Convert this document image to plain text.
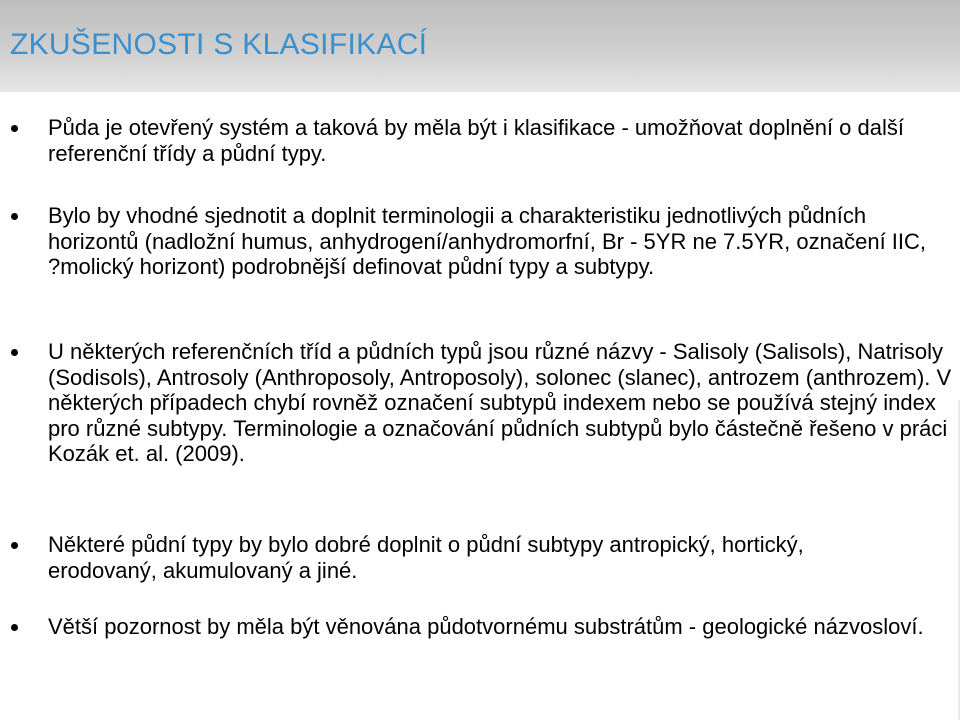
ZKUŠENOSTI S KLASIFIKACÍ

Půda je otevřený systém a taková by měla být i klasifikace - umožňovat doplnění o další referenční třídy a půdní typy.

Bylo by vhodné sjednotit a doplnit terminologii a charakteristiku jednotlivých půdních horizontů (nadložní humus, anhydrogení/anhydromorfní, Br - 5YR ne 7.5YR, označení IIC, ?molický horizont) podrobnější definovat půdní typy a subtypy.

U některých referenčních tříd a půdních typů jsou různé názvy - Salisoly (Salisols), Natrisoly (Sodisols), Antrosoly (Anthroposoly, Antroposoly), solonec (slanec), antrozem (anthrozem). V některých případech chybí rovněž označení subtypů indexem nebo se používá stejný index pro různé subtypy. Terminologie a označování půdních subtypů bylo částečně řešeno v práci Kozák et. al. (2009).

Některé půdní typy by bylo dobré doplnit o půdní subtypy antropický, hortický, erodovaný, akumulovaný a jiné.

Větší pozornost by měla být věnována půdotvornému substrátům - geologické názvosloví.
